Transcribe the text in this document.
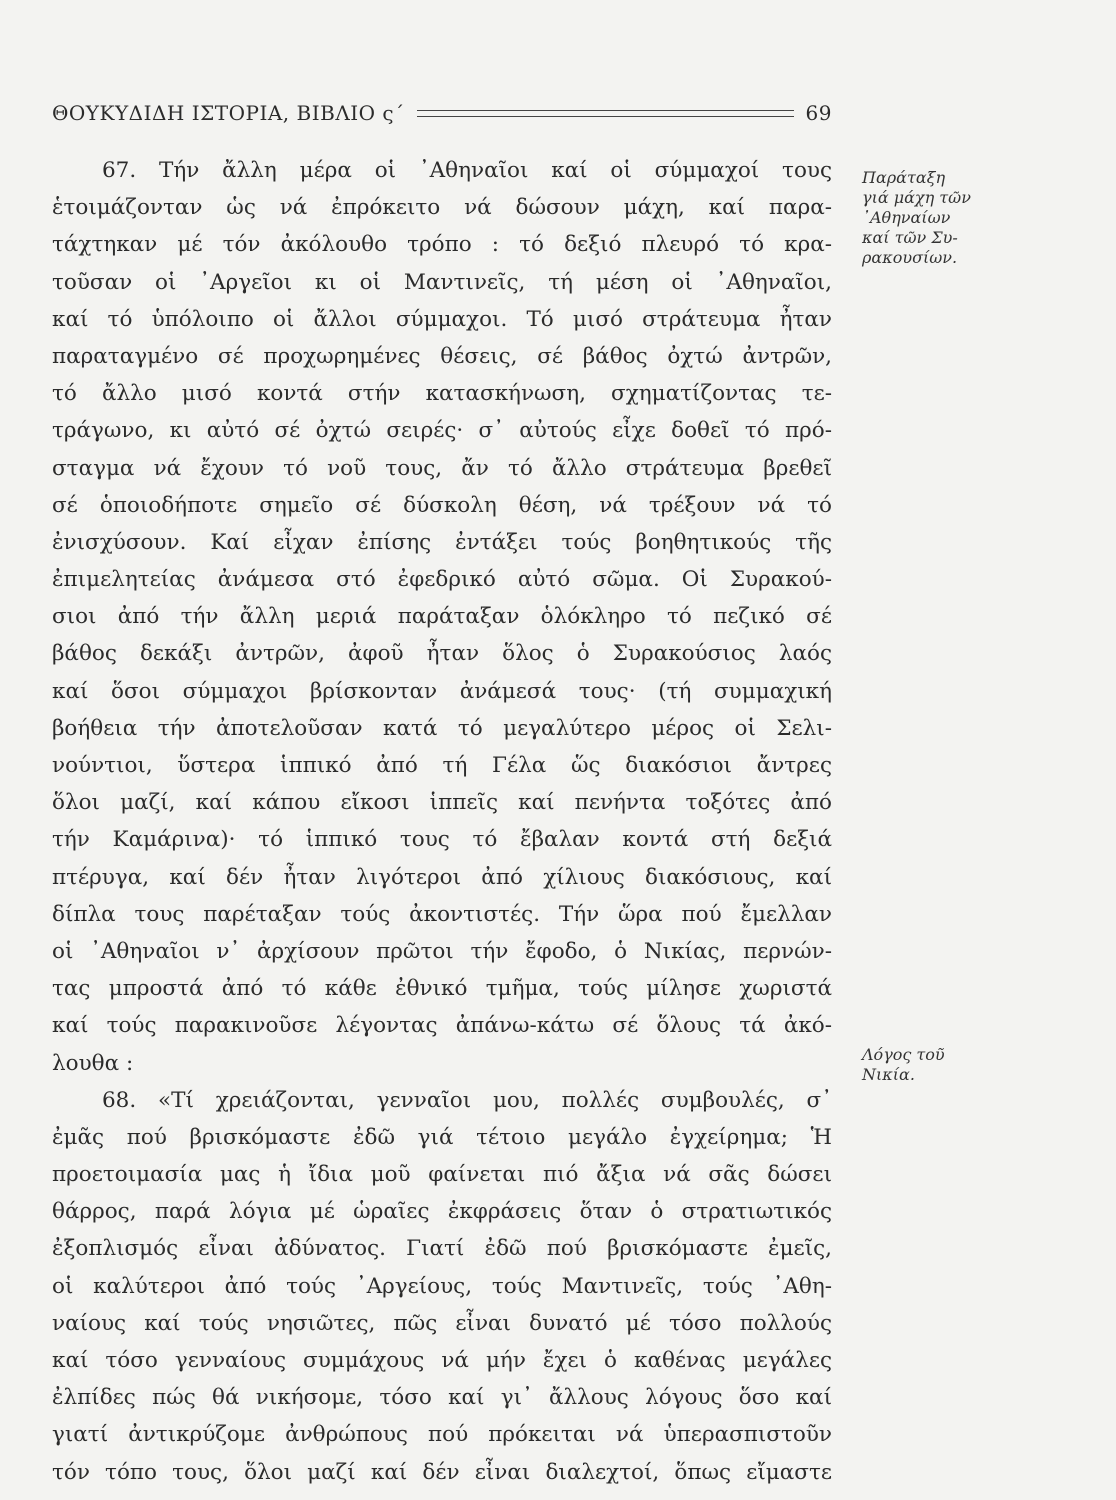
ΘΟΥΚΥΔΙΔΗ ΙΣΤΟΡΙΑ, ΒΙΒΛΙΟ ς΄	69
67. Τήν ἄλλη μέρα οἱ ᾿Αθηναῖοι καί οἱ σύμμαχοί τους
ἑτοιμάζονταν ὡς νά ἐπρόκειτο νά δώσουν μάχη, καί παρα-
τάχτηκαν μέ τόν ἀκόλουθο τρόπο : τό δεξιό πλευρό τό κρα-
τοῦσαν οἱ ᾿Αργεῖοι κι οἱ Μαντινεῖς, τή μέση οἱ ᾿Αθηναῖοι,
καί τό ὑπόλοιπο οἱ ἄλλοι σύμμαχοι. Τό μισό στράτευμα ἦταν
παραταγμένο σέ προχωρημένες θέσεις, σέ βάθος ὀχτώ ἀντρῶν,
τό ἄλλο μισό κοντά στήν κατασκήνωση, σχηματίζοντας τε-
τράγωνο, κι αὐτό σέ ὀχτώ σειρές· σ᾿ αὐτούς εἶχε δοθεῖ τό πρό-
σταγμα νά ἔχουν τό νοῦ τους, ἄν τό ἄλλο στράτευμα βρεθεῖ
σέ ὁποιοδήποτε σημεῖο σέ δύσκολη θέση, νά τρέξουν νά τό
ἐνισχύσουν. Καί εἶχαν ἐπίσης ἐντάξει τούς βοηθητικούς τῆς
ἐπιμελητείας ἀνάμεσα στό ἐφεδρικό αὐτό σῶμα. Οἱ Συρακού-
σιοι ἀπό τήν ἄλλη μεριά παράταξαν ὁλόκληρο τό πεζικό σέ
βάθος δεκάξι ἀντρῶν, ἀφοῦ ἦταν ὅλος ὁ Συρακούσιος λαός
καί ὅσοι σύμμαχοι βρίσκονταν ἀνάμεσά τους· (τή συμμαχική
βοήθεια τήν ἀποτελοῦσαν κατά τό μεγαλύτερο μέρος οἱ Σελι-
νούντιοι, ὕστερα ἱππικό ἀπό τή Γέλα ὥς διακόσιοι ἄντρες
ὅλοι μαζί, καί κάπου εἴκοσι ἱππεῖς καί πενήντα τοξότες ἀπό
τήν Καμάρινα)· τό ἱππικό τους τό ἔβαλαν κοντά στή δεξιά
πτέρυγα, καί δέν ἦταν λιγότεροι ἀπό χίλιους διακόσιους, καί
δίπλα τους παρέταξαν τούς ἀκοντιστές. Τήν ὥρα πού ἔμελλαν
οἱ ᾿Αθηναῖοι ν᾿ ἀρχίσουν πρῶτοι τήν ἔφοδο, ὁ Νικίας, περνών-
τας μπροστά ἀπό τό κάθε ἐθνικό τμῆμα, τούς μίλησε χωριστά
καί τούς παρακινοῦσε λέγοντας ἀπάνω-κάτω σέ ὅλους τά ἀκό-
λουθα :
68. «Τί χρειάζονται, γενναῖοι μου, πολλές συμβουλές, σ᾿
ἐμᾶς πού βρισκόμαστε ἐδῶ γιά τέτοιο μεγάλο ἐγχείρημα; Ἡ
προετοιμασία μας ἡ ἴδια μοῦ φαίνεται πιό ἄξια νά σᾶς δώσει
θάρρος, παρά λόγια μέ ὡραῖες ἐκφράσεις ὅταν ὁ στρατιωτικός
ἐξοπλισμός εἶναι ἀδύνατος. Γιατί ἐδῶ πού βρισκόμαστε ἐμεῖς,
οἱ καλύτεροι ἀπό τούς ᾿Αργείους, τούς Μαντινεῖς, τούς ᾿Αθη-
ναίους καί τούς νησιῶτες, πῶς εἶναι δυνατό μέ τόσο πολλούς
καί τόσο γενναίους συμμάχους νά μήν ἔχει ὁ καθένας μεγάλες
ἐλπίδες πώς θά νικήσομε, τόσο καί γι᾿ ἄλλους λόγους ὅσο καί
γιατί ἀντικρύζομε ἀνθρώπους πού πρόκειται νά ὑπερασπιστοῦν
τόν τόπο τους, ὅλοι μαζί καί δέν εἶναι διαλεχτοί, ὅπως εἴμαστε
Παράταξη
γιά μάχη τῶν
᾿Αθηναίων
καί τῶν Συ-
ρακουσίων.
Λόγος τοῦ
Νικία.
